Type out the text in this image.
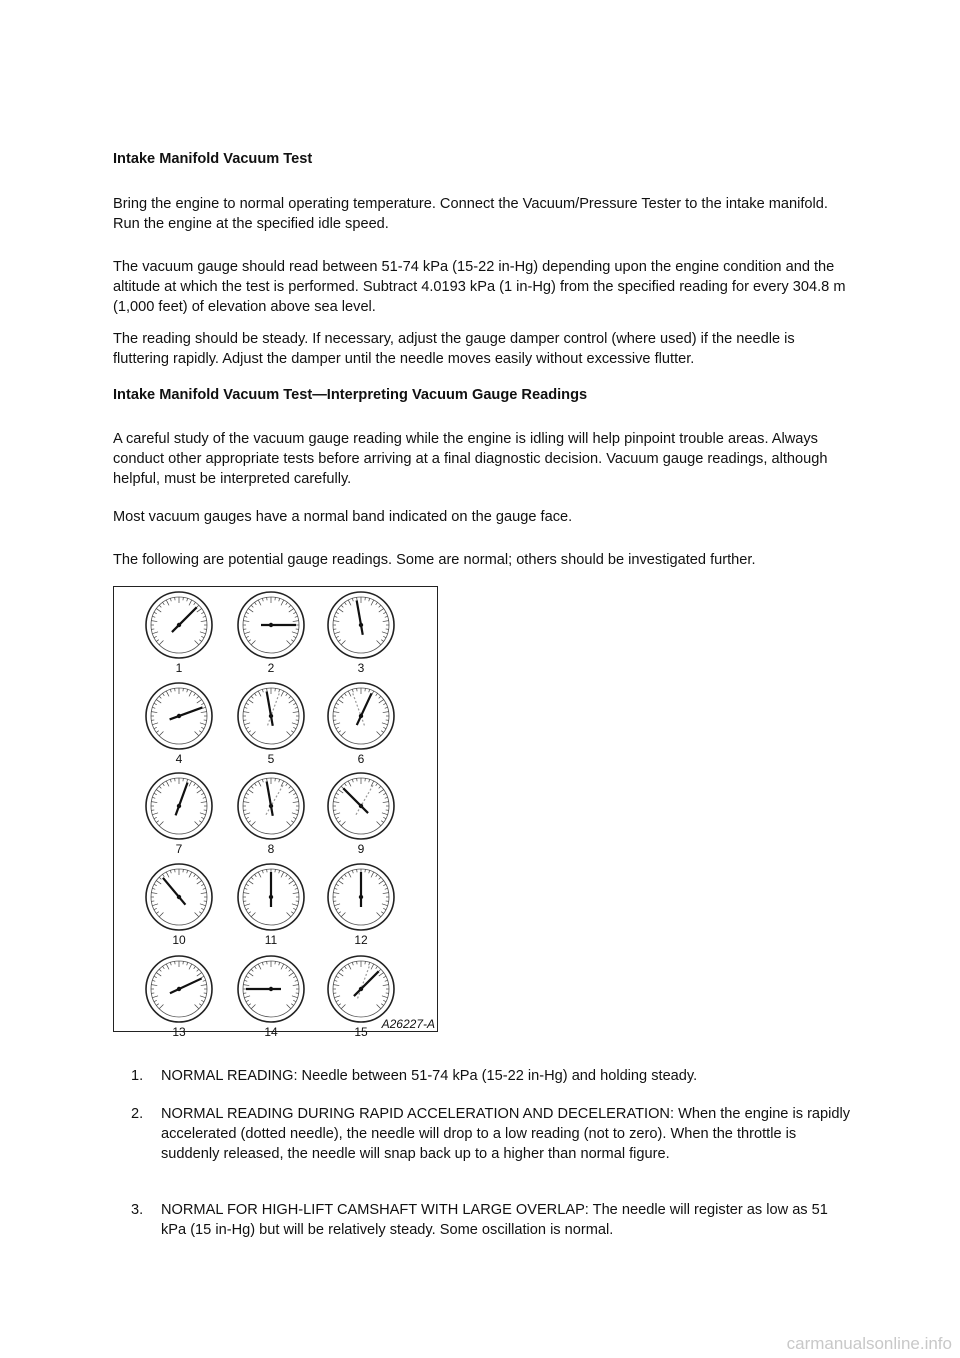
Intake Manifold Vacuum Test

Bring the engine to normal operating temperature. Connect the Vacuum/Pressure Tester to the intake manifold. Run the engine at the specified idle speed.

The vacuum gauge should read between 51-74 kPa (15-22 in-Hg) depending upon the engine condition and the altitude at which the test is performed. Subtract 4.0193 kPa (1 in-Hg) from the specified reading for every 304.8 m (1,000 feet) of elevation above sea level.

The reading should be steady. If necessary, adjust the gauge damper control (where used) if the needle is fluttering rapidly. Adjust the damper until the needle moves easily without excessive flutter.

Intake Manifold Vacuum Test—Interpreting Vacuum Gauge Readings

A careful study of the vacuum gauge reading while the engine is idling will help pinpoint trouble areas. Always conduct other appropriate tests before arriving at a final diagnostic decision. Vacuum gauge readings, although helpful, must be interpreted carefully.

Most vacuum gauges have a normal band indicated on the gauge face.

The following are potential gauge readings. Some are normal; others should be investigated further.

1	2	3
4	5	6
7	8	9
10	11	12
13	14	15
A26227-A
1. NORMAL READING: Needle between 51-74 kPa (15-22 in-Hg) and holding steady.
2. NORMAL READING DURING RAPID ACCELERATION AND DECELERATION: When the engine is rapidly accelerated (dotted needle), the needle will drop to a low reading (not to zero). When the throttle is suddenly released, the needle will snap back up to a higher than normal figure.
3. NORMAL FOR HIGH-LIFT CAMSHAFT WITH LARGE OVERLAP: The needle will register as low as 51 kPa (15 in-Hg) but will be relatively steady. Some oscillation is normal.
carmanualsonline.info
